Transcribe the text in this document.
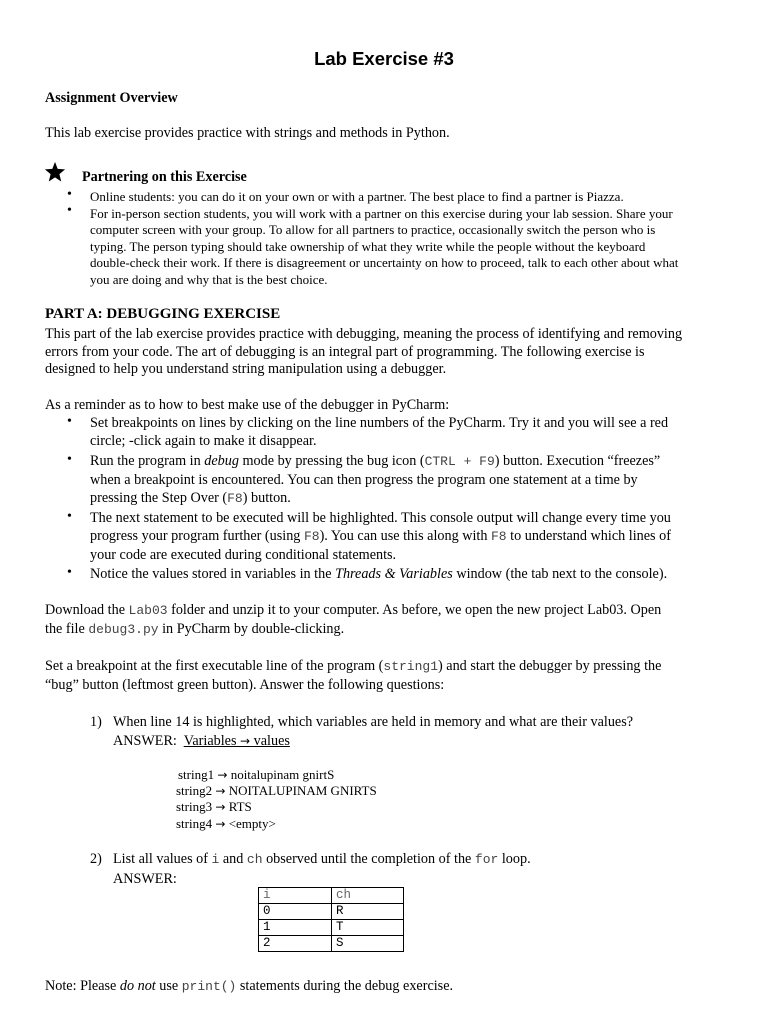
Lab Exercise #3
Assignment Overview
This lab exercise provides practice with strings and methods in Python.
Partnering on this Exercise
• Online students: you can do it on your own or with a partner. The best place to find a partner is Piazza.
• For in-person section students, you will work with a partner on this exercise during your lab session. Share your
computer screen with your group. To allow for all partners to practice, occasionally switch the person who is
typing. The person typing should take ownership of what they write while the people without the keyboard
double-check their work. If there is disagreement or uncertainty on how to proceed, talk to each other about what
you are doing and why that is the best choice.
PART A: DEBUGGING EXERCISE
This part of the lab exercise provides practice with debugging, meaning the process of identifying and removing
errors from your code. The art of debugging is an integral part of programming. The following exercise is
designed to help you understand string manipulation using a debugger.
As a reminder as to how to best make use of the debugger in PyCharm:
• Set breakpoints on lines by clicking on the line numbers of the PyCharm. Try it and you will see a red
circle; -click again to make it disappear.
• Run the program in debug mode by pressing the bug icon (CTRL + F9) button. Execution “freezes”
when a breakpoint is encountered. You can then progress the program one statement at a time by
pressing the Step Over (F8) button.
• The next statement to be executed will be highlighted. This console output will change every time you
progress your program further (using F8). You can use this along with F8 to understand which lines of
your code are executed during conditional statements.
• Notice the values stored in variables in the Threads & Variables window (the tab next to the console).
Download the Lab03 folder and unzip it to your computer. As before, we open the new project Lab03. Open
the file debug3.py in PyCharm by double-clicking.
Set a breakpoint at the first executable line of the program (string1) and start the debugger by pressing the
“bug” button (leftmost green button). Answer the following questions:
1) When line 14 is highlighted, which variables are held in memory and what are their values?
ANSWER: Variables → values
string1 → noitalupinam gnirtS
string2 → NOITALUPINAM GNIRTS
string3 → RTS
string4 → <empty>
2) List all values of i and ch observed until the completion of the for loop.
ANSWER:
i	ch
0	R
1	T
2	S
Note: Please do not use print() statements during the debug exercise.
